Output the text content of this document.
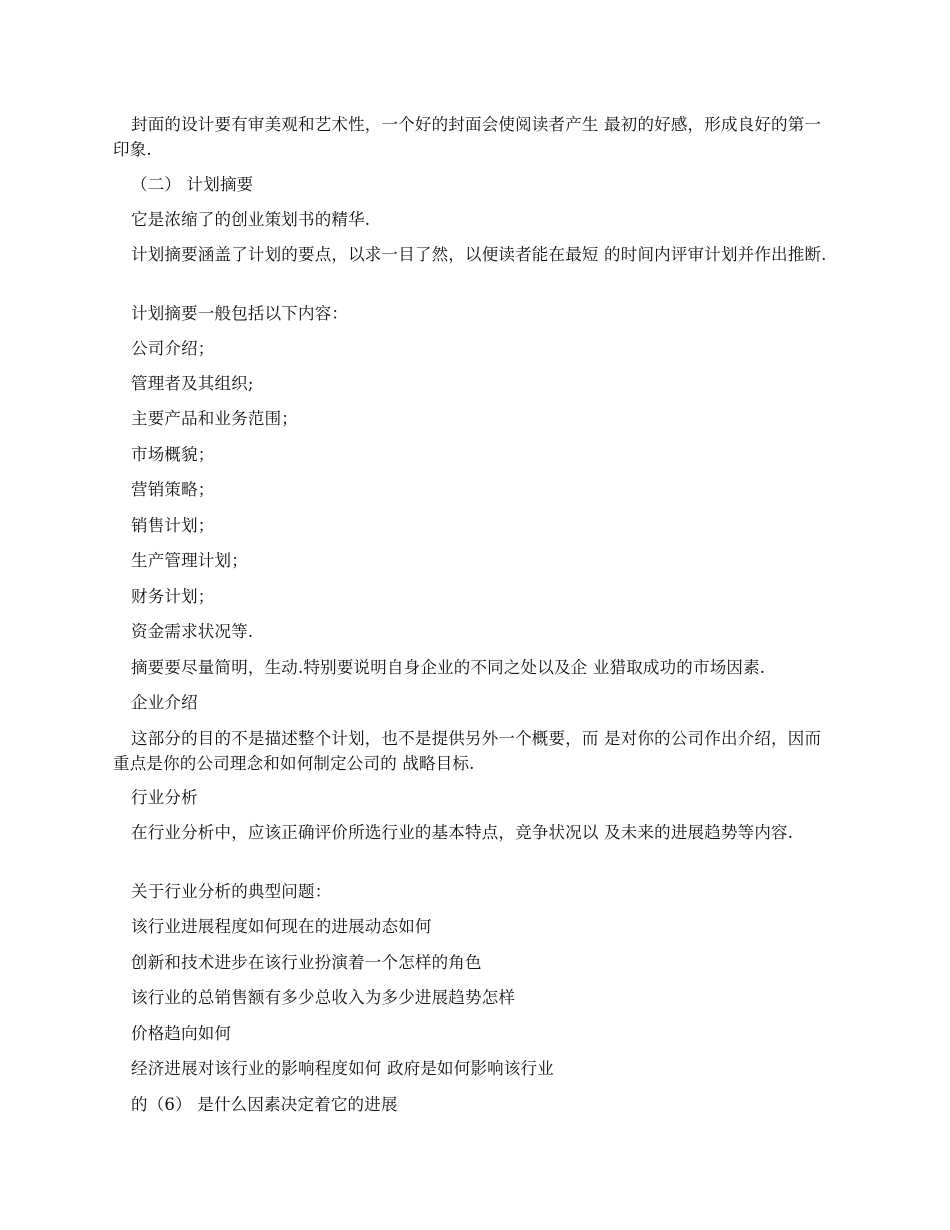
封面的设计要有审美观和艺术性，一个好的封面会使阅读者产生 最初的好感，形成良好的第一印象.

（二） 计划摘要

它是浓缩了的创业策划书的精华.

计划摘要涵盖了计划的要点，以求一目了然，以便读者能在最短 的时间内评审计划并作出推断.

计划摘要一般包括以下内容：

公司介绍；

管理者及其组织;

主要产品和业务范围；

市场概貌；

营销策略；

销售计划；

生产管理计划；

财务计划；

资金需求状况等.

摘要要尽量简明，生动.特别要说明自身企业的不同之处以及企 业猎取成功的市场因素.

企业介绍

这部分的目的不是描述整个计划，也不是提供另外一个概要，而 是对你的公司作出介绍，因而重点是你的公司理念和如何制定公司的 战略目标.

行业分析

在行业分析中，应该正确评价所选行业的基本特点，竞争状况以 及未来的进展趋势等内容.

关于行业分析的典型问题：

该行业进展程度如何现在的进展动态如何

创新和技术进步在该行业扮演着一个怎样的角色

该行业的总销售额有多少总收入为多少进展趋势怎样

价格趋向如何

经济进展对该行业的影响程度如何 政府是如何影响该行业

的（6） 是什么因素决定着它的进展
